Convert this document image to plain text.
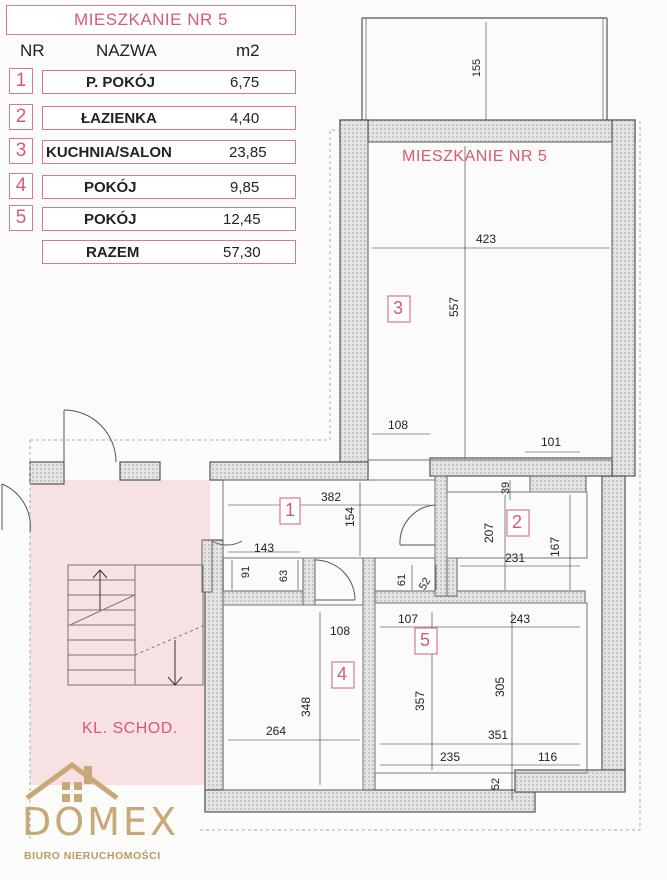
MIESZKANIE NR 5
NR	NAZWA	m2
1	P. POKÓJ	6,75
2	ŁAZIENKA	4,40
3	KUCHNIA/SALON	23,85
4	POKÓJ	9,85
5	POKÓJ	12,45
RAZEM	57,30
MIESZKANIE NR 5
KL. SCHOD.
3
1
2
4
5
155
423
557
108
101
382
154
39
207
167
231
143
91 63	61 52
108
107	243
348
264
357
305
351
235	116
52
DOMEX
BIURO NIERUCHOMOŚCI
